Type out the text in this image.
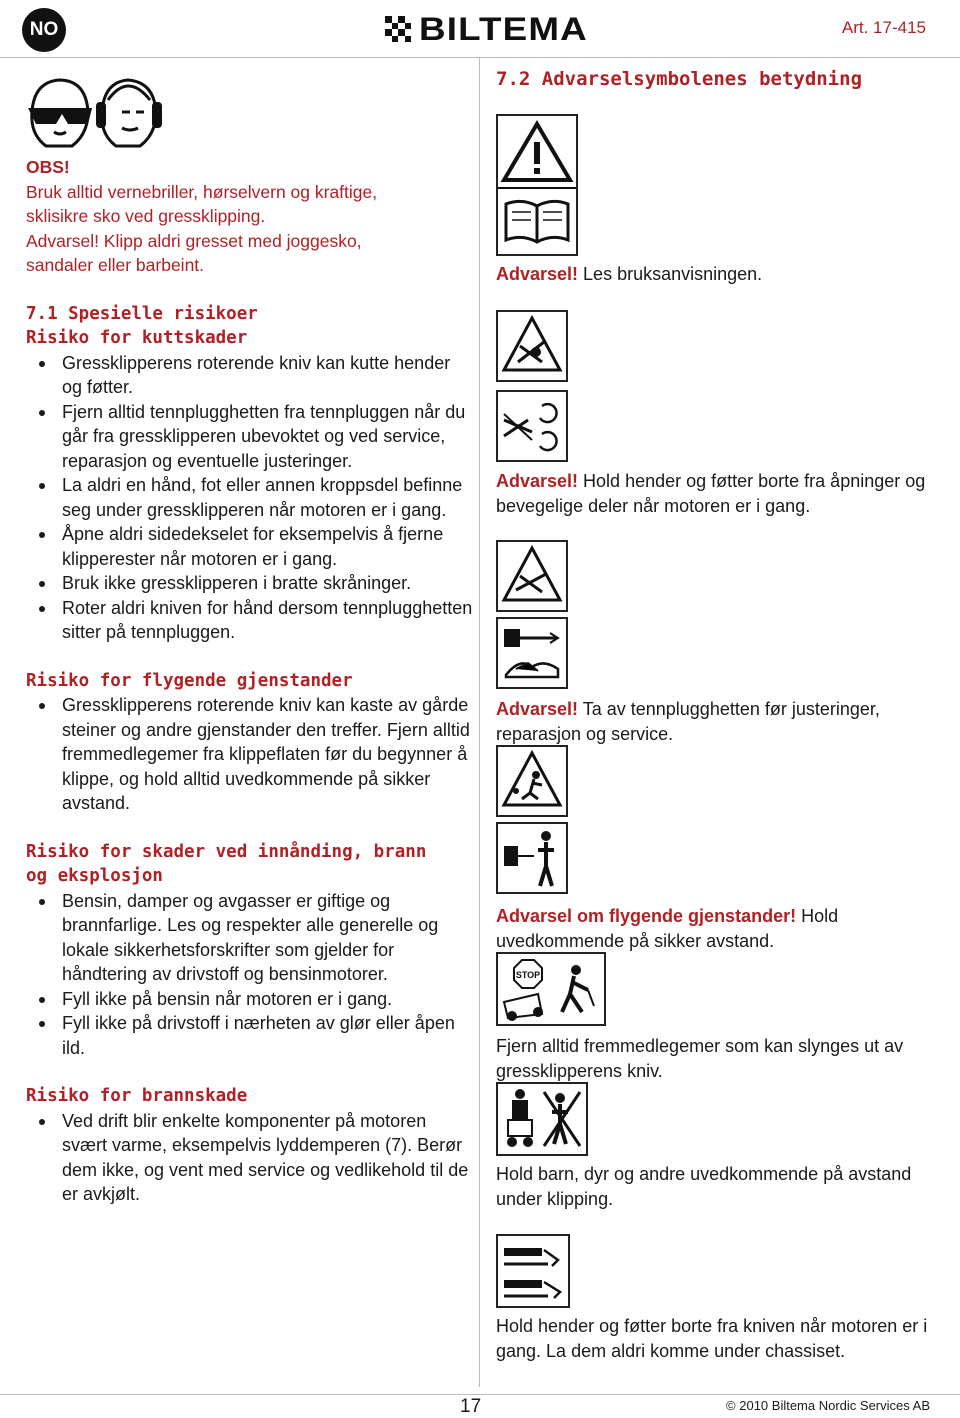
NO	BILTEMA	Art. 17-415
17	© 2010 Biltema Nordic Services AB
OBS!
Bruk alltid vernebriller, hørselvern og kraftige,
sklisikre sko ved gressklipping.
Advarsel! Klipp aldri gresset med joggesko,
sandaler eller barbeint.
7.1 Spesielle risikoer
Risiko for kuttskader
Gressklipperens roterende kniv kan kutte hender og føtter.
Fjern alltid tennplugghetten fra tennpluggen når du går fra gressklipperen ubevoktet og ved service, reparasjon og eventuelle justeringer.
La aldri en hånd, fot eller annen kroppsdel befinne seg under gressklipperen når motoren er i gang.
Åpne aldri sidedekselet for eksempelvis å fjerne klipperester når motoren er i gang.
Bruk ikke gressklipperen i bratte skråninger.
Roter aldri kniven for hånd dersom tennplugghetten sitter på tennpluggen.
Risiko for flygende gjenstander
Gressklipperens roterende kniv kan kaste av gårde steiner og andre gjenstander den treffer. Fjern alltid fremmedlegemer fra klippeflaten før du begynner å klippe, og hold alltid uvedkommende på sikker avstand.
Risiko for skader ved innånding, brann
og eksplosjon
Bensin, damper og avgasser er giftige og brannfarlige. Les og respekter alle generelle og lokale sikkerhetsforskrifter som gjelder for håndtering av drivstoff og bensinmotorer.
Fyll ikke på bensin når motoren er i gang.
Fyll ikke på drivstoff i nærheten av glør eller åpen ild.
Risiko for brannskade
Ved drift blir enkelte komponenter på motoren svært varme, eksempelvis lyddemperen (7). Berør dem ikke, og vent med service og vedlikehold til de er avkjølt.
7.2 Advarselsymbolenes betydning
Advarsel! Les bruksanvisningen.
Advarsel! Hold hender og føtter borte fra åpninger og bevegelige deler når motoren er i gang.
Advarsel! Ta av tennplugghetten før justeringer, reparasjon og service.
Advarsel om flygende gjenstander! Hold uvedkommende på sikker avstand.
STOP
Fjern alltid fremmedlegemer som kan slynges ut av gressklipperens kniv.
Hold barn, dyr og andre uvedkommende på avstand under klipping.
Hold hender og føtter borte fra kniven når motoren er i gang. La dem aldri komme under chassiset.
